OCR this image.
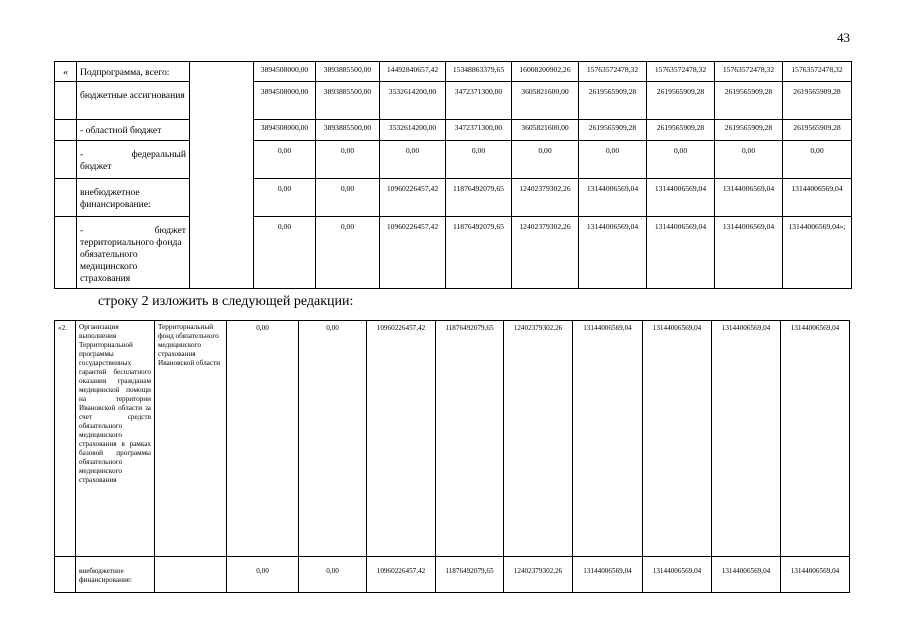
43
«	Подпрограмма, всего:		3894508000,00	3893885500,00	14492840657,42	15348863379,65	16008200902,26	15763572478,32	15763572478,32	15763572478,32	15763572478,32
	бюджетные ассигнования		3894508000,00	3893885500,00	3532614200,00	3472371300,00	3605821600,00	2619565909,28	2619565909,28	2619565909,28	2619565909,28
	- областной бюджет		3894508000,00	3893885500,00	3532614200,00	3472371300,00	3605821600,00	2619565909,28	2619565909,28	2619565909,28	2619565909,28

	- федеральный
бюджет		0,00	0,00	0,00	0,00	0,00	0,00	0,00	0,00	0,00
	внебюджетное финансирование:		0,00	0,00	10960226457,42	11876492079,65	12402379302,26	13144006569,04	13144006569,04	13144006569,04	13144006569,04

	- бюджет
территориального фонда обязательного медицинского страхования		0,00	0,00	10960226457,42	11876492079,65	12402379302,26	13144006569,04	13144006569,04	13144006569,04	13144006569,04»;
строку 2 изложить в следующей редакции:
«2.	Организация выполнения Территориальной программы государственных гарантий бесплатного оказания гражданам медицинской помощи на территории Ивановской области за счет средств обязательного медицинского страхования в рамках базовой программы обязательного медицинского страхования	Территориальный фонд обязательного медицинского страхования Ивановской области	0,00	0,00	10960226457,42	11876492079,65	12402379302,26	13144006569,04	13144006569,04	13144006569,04	13144006569,04
	внебюджетное финансирование:		0,00	0,00	10960226457,42	11876492079,65	12402379302,26	13144006569,04	13144006569,04	13144006569,04	13144006569,04
